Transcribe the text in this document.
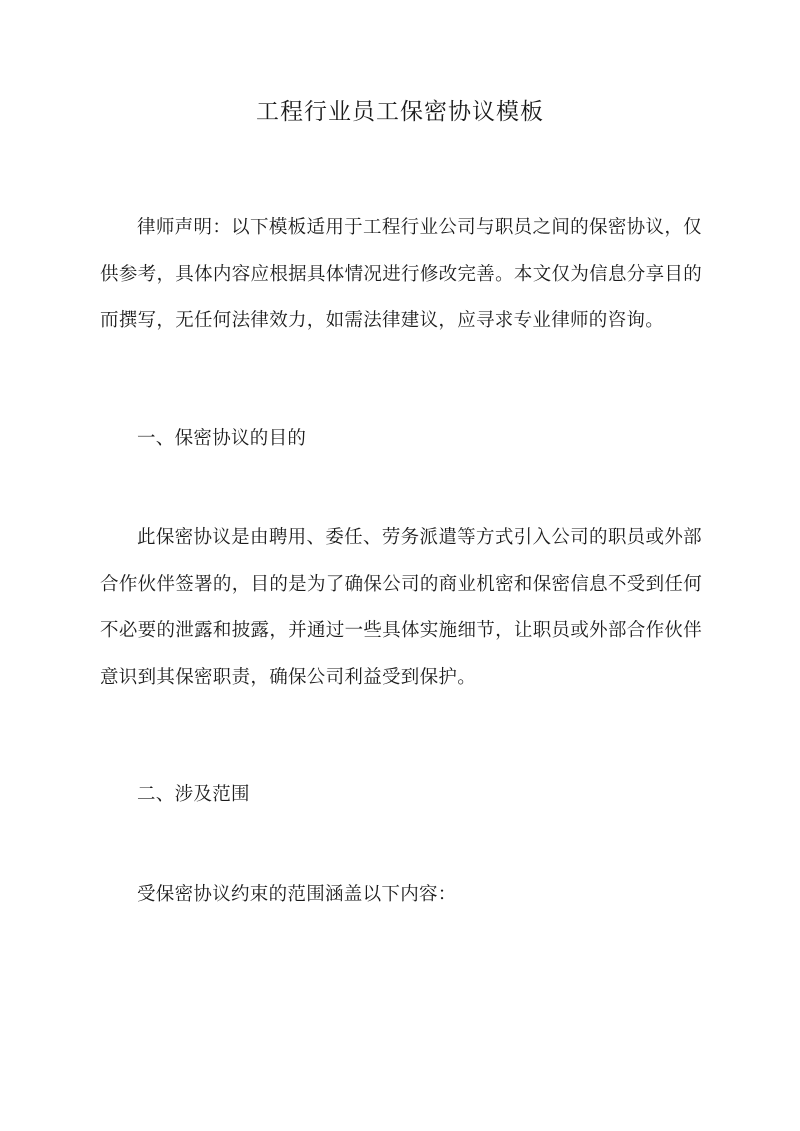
工程行业员工保密协议模板

律师声明：以下模板适用于工程行业公司与职员之间的保密协议，仅供参考，具体内容应根据具体情况进行修改完善。本文仅为信息分享目的而撰写，无任何法律效力，如需法律建议，应寻求专业律师的咨询。

一、保密协议的目的

此保密协议是由聘用、委任、劳务派遣等方式引入公司的职员或外部合作伙伴签署的，目的是为了确保公司的商业机密和保密信息不受到任何不必要的泄露和披露，并通过一些具体实施细节，让职员或外部合作伙伴意识到其保密职责，确保公司利益受到保护。

二、涉及范围

受保密协议约束的范围涵盖以下内容：
